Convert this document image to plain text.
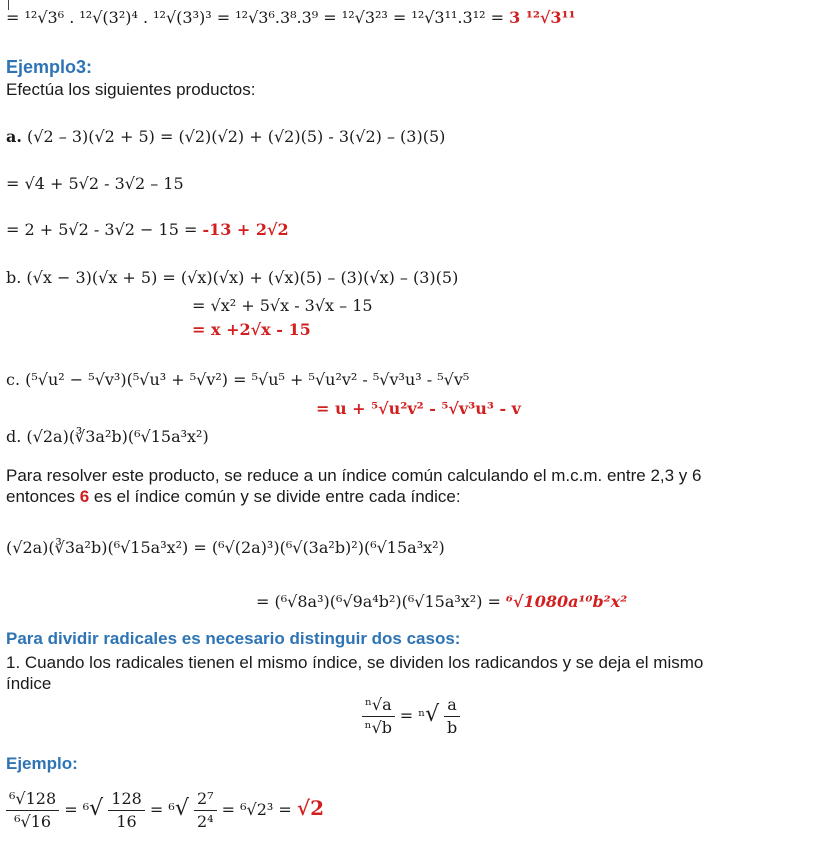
= ¹²√3⁶ . ¹²√(3²)⁴ . ¹²√(3³)³ = ¹²√3⁶.3⁸.3⁹ = ¹²√3²³ = ¹²√3¹¹.3¹² = 3 ¹²√3¹¹
Ejemplo3:
Efectúa los siguientes productos:
a. (√2 – 3)(√2 + 5) = (√2)(√2) + (√2)(5) - 3(√2) – (3)(5)
= √4 + 5√2 - 3√2 – 15
= 2 + 5√2 - 3√2 − 15 = -13 + 2√2
b. (√x − 3)(√x + 5) = (√x)(√x) + (√x)(5) – (3)(√x) – (3)(5)
= √x² + 5√x - 3√x – 15
= x +2√x - 15
c. (⁵√u² − ⁵√v³)(⁵√u³ + ⁵√v²) = ⁵√u⁵ + ⁵√u²v² - ⁵√v³u³ - ⁵√v⁵
= u + ⁵√u²v² - ⁵√v³u³ - v
d. (√2a)(∛3a²b)(⁶√15a³x²)
Para resolver este producto, se reduce a un índice común calculando el m.c.m. entre 2,3 y 6
entonces 6 es el índice común y se divide entre cada índice:
(√2a)(∛3a²b)(⁶√15a³x²) = (⁶√(2a)³)(⁶√(3a²b)²)(⁶√15a³x²)
= (⁶√8a³)(⁶√9a⁴b²)(⁶√15a³x²) = ⁶√1080a¹⁰b²x²
Para dividir radicales es necesario distinguir dos casos:
1. Cuando los radicales tienen el mismo índice, se dividen los radicandos y se deja el mismo
índice
$\frac{\text{ⁿ√a}}{\text{ⁿ√b}} = ^n√ \frac{a}{b}$
Ejemplo:
$\frac{\text{⁶√128}}{\text{⁶√16}} = ^6√ \frac{128}{16} = ^6√ \frac{\text{2⁷}}{\text{2⁴}} = ^6√2^3 = √2$
